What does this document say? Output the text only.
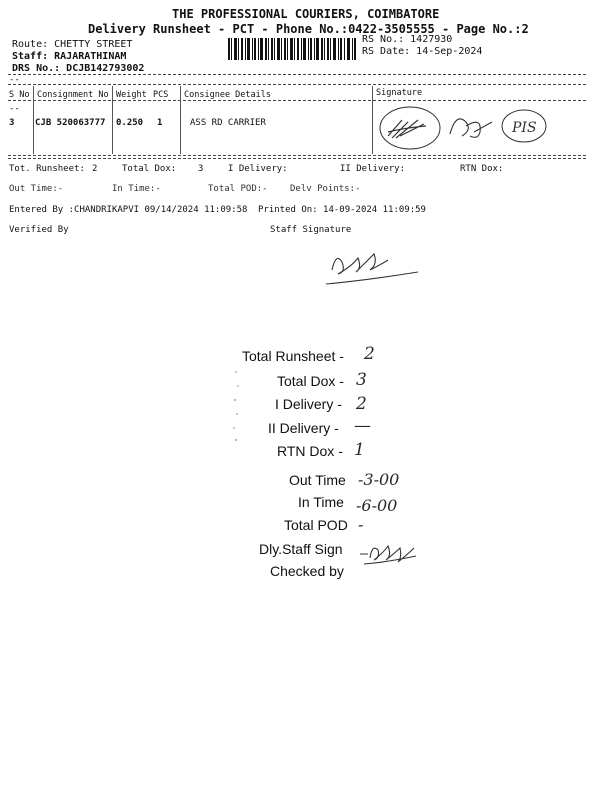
THE PROFESSIONAL COURIERS, COIMBATORE
Delivery Runsheet - PCT - Phone No.:0422-3505555 - Page No.:2
Route: CHETTY STREET
Staff: RAJARATHINAM
DRS No.: DCJB142793002
RS No.: 1427930
RS Date: 14-Sep-2024
--
--
S No Consignment No Weight PCS Consignee Details	Signature
3 CJB 520063777 0.250 1	ASS RD CARRIER	PIS
Tot. Runsheet: 2	Total Dox: 3	I Delivery:	II Delivery:	RTN Dox:
Out Time:-	In Time:-	Total POD:- Delv Points:-
Entered By :CHANDRIKAPVI 09/14/2024 11:09:58 Printed On: 14-09-2024 11:09:59
Verified By	Staff Signature
Total Runsheet - 2
Total Dox - 3
I Delivery - 2
II Delivery - —
RTN Dox - 1
Out Time -3-00
In Time -6-00
Total POD -
Dly.Staff Sign
Checked by
